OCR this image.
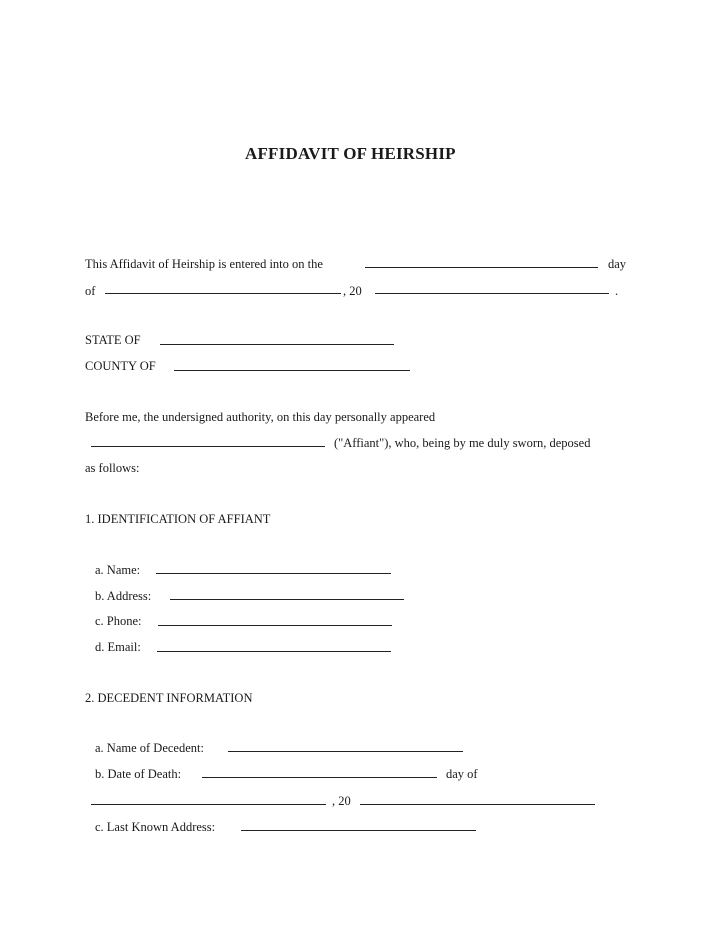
AFFIDAVIT OF HEIRSHIP
This Affidavit of Heirship is entered into on the	day
of	, 20	.
STATE OF
COUNTY OF
Before me, the undersigned authority, on this day personally appeared
("Affiant"), who, being by me duly sworn, deposed
as follows:
1. IDENTIFICATION OF AFFIANT
a. Name:
b. Address:
c. Phone:
d. Email:
2. DECEDENT INFORMATION
a. Name of Decedent:
b. Date of Death:	day of
, 20
c. Last Known Address:
